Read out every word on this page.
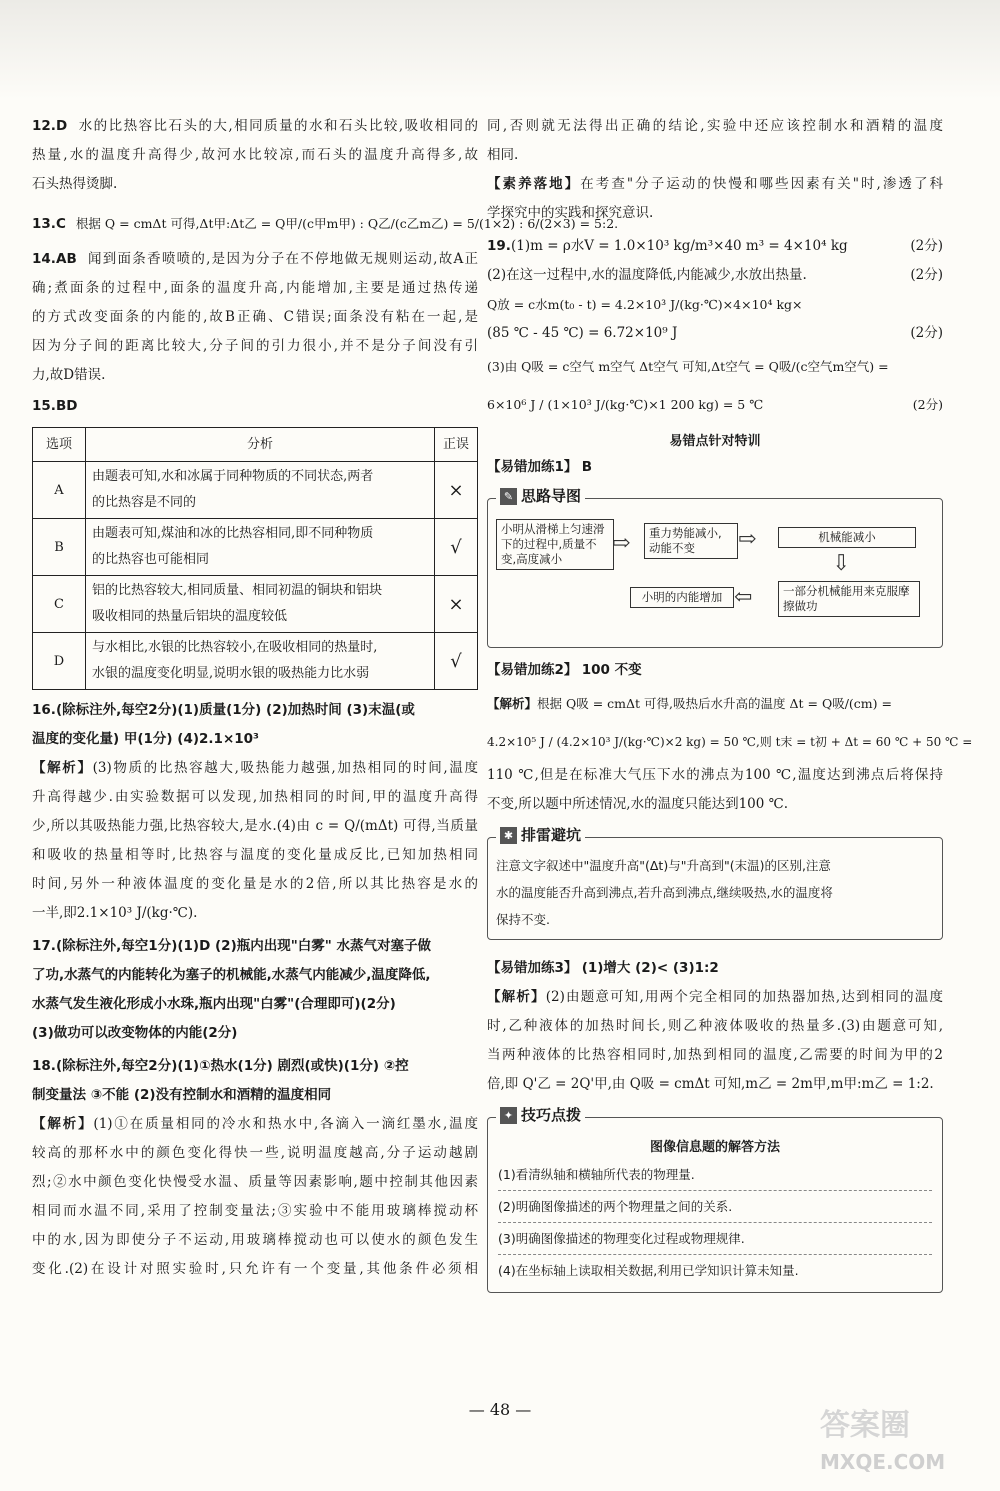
12.D 水的比热容比石头的大,相同质量的水和石头比较,吸收相同的
热量,水的温度升高得少,故河水比较凉,而石头的温度升高得多,故
石头热得烫脚.
13.C 根据 Q = cmΔt 可得,Δt甲:Δt乙 = Q甲/(c甲m甲) : Q乙/(c乙m乙) = 5/(1×2) : 6/(2×3) = 5:2.
14.AB 闻到面条香喷喷的,是因为分子在不停地做无规则运动,故A正
确;煮面条的过程中,面条的温度升高,内能增加,主要是通过热传递
的方式改变面条的内能的,故B正确、C错误;面条没有粘在一起,是
因为分子间的距离比较大,分子间的引力很小,并不是分子间没有引
力,故D错误.
15.BD
选项	分析	正误
A	由题表可知,水和冰属于同种物质的不同状态,两者
的比热容是不同的	×
B	由题表可知,煤油和冰的比热容相同,即不同种物质
的比热容也可能相同	√
C	铝的比热容较大,相同质量、相同初温的铜块和铝块
吸收相同的热量后铝块的温度较低	×
D	与水相比,水银的比热容较小,在吸收相同的热量时,
水银的温度变化明显,说明水银的吸热能力比水弱	√
16.(除标注外,每空2分)(1)质量(1分) (2)加热时间 (3)末温(或
温度的变化量) 甲(1分) (4)2.1×10³
【解析】(3)物质的比热容越大,吸热能力越强,加热相同的时间,温度
升高得越少.由实验数据可以发现,加热相同的时间,甲的温度升高得
少,所以其吸热能力强,比热容较大,是水.(4)由 c = Q/(mΔt) 可得,当质量
和吸收的热量相等时,比热容与温度的变化量成反比,已知加热相同
时间,另外一种液体温度的变化量是水的2倍,所以其比热容是水的
一半,即2.1×10³ J/(kg·℃).
17.(除标注外,每空1分)(1)D (2)瓶内出现"白雾" 水蒸气对塞子做
了功,水蒸气的内能转化为塞子的机械能,水蒸气内能减少,温度降低,
水蒸气发生液化形成小水珠,瓶内出现"白雾"(合理即可)(2分)
(3)做功可以改变物体的内能(2分)
18.(除标注外,每空2分)(1)①热水(1分) 剧烈(或快)(1分) ②控
制变量法 ③不能 (2)没有控制水和酒精的温度相同
【解析】(1)①在质量相同的冷水和热水中,各滴入一滴红墨水,温度
较高的那杯水中的颜色变化得快一些,说明温度越高,分子运动越剧
烈;②水中颜色变化快慢受水温、质量等因素影响,题中控制其他因素
相同而水温不同,采用了控制变量法;③实验中不能用玻璃棒搅动杯
中的水,因为即使分子不运动,用玻璃棒搅动也可以使水的颜色发生
变化.(2)在设计对照实验时,只允许有一个变量,其他条件必须相
同,否则就无法得出正确的结论,实验中还应该控制水和酒精的温度
相同.
【素养落地】在考查"分子运动的快慢和哪些因素有关"时,渗透了科
学探究中的实践和探究意识.
19.(1)m = ρ水V = 1.0×10³ kg/m³×40 m³ = 4×10⁴ kg	(2分)
(2)在这一过程中,水的温度降低,内能减少,水放出热量.	(2分)
Q放 = c水m(t₀ - t) = 4.2×10³ J/(kg·℃)×4×10⁴ kg×
(85 ℃ - 45 ℃) = 6.72×10⁹ J	(2分)
(3)由 Q吸 = c空气 m空气 Δt空气 可知,Δt空气 = Q吸/(c空气m空气) =
6×10⁶ J / (1×10³ J/(kg·℃)×1 200 kg) = 5 ℃	(2分)
易错点针对特训
【易错加练1】 B
✎ 思路导图
小明从滑梯上匀速滑下的过程中,质量不变,高度减小
⇨	重力势能减小,动能不变	⇨	机械能减小
⇨
一部分机械能用来克服摩擦做功
⇦
小明的内能增加
【易错加练2】 100 不变
【解析】根据 Q吸 = cmΔt 可得,吸热后水升高的温度 Δt = Q吸/(cm) =
4.2×10⁵ J / (4.2×10³ J/(kg·℃)×2 kg) = 50 ℃,则 t末 = t初 + Δt = 60 ℃ + 50 ℃ =
110 ℃,但是在标准大气压下水的沸点为100 ℃,温度达到沸点后将保持
不变,所以题中所述情况,水的温度只能达到100 ℃.
✱ 排雷避坑
注意文字叙述中"温度升高"(Δt)与"升高到"(末温)的区别,注意
水的温度能否升高到沸点,若升高到沸点,继续吸热,水的温度将
保持不变.
【易错加练3】 (1)增大 (2)< (3)1:2
【解析】(2)由题意可知,用两个完全相同的加热器加热,达到相同的温度
时,乙种液体的加热时间长,则乙种液体吸收的热量多.(3)由题意可知,
当两种液体的比热容相同时,加热到相同的温度,乙需要的时间为甲的2
倍,即 Q'乙 = 2Q'甲,由 Q吸 = cmΔt 可知,m乙 = 2m甲,m甲:m乙 = 1:2.
✦ 技巧点拨
图像信息题的解答方法
(1)看清纵轴和横轴所代表的物理量.
(2)明确图像描述的两个物理量之间的关系.
(3)明确图像描述的物理变化过程或物理规律.
(4)在坐标轴上读取相关数据,利用已学知识计算未知量.
— 48 —	答案圈
MXQE.COM
